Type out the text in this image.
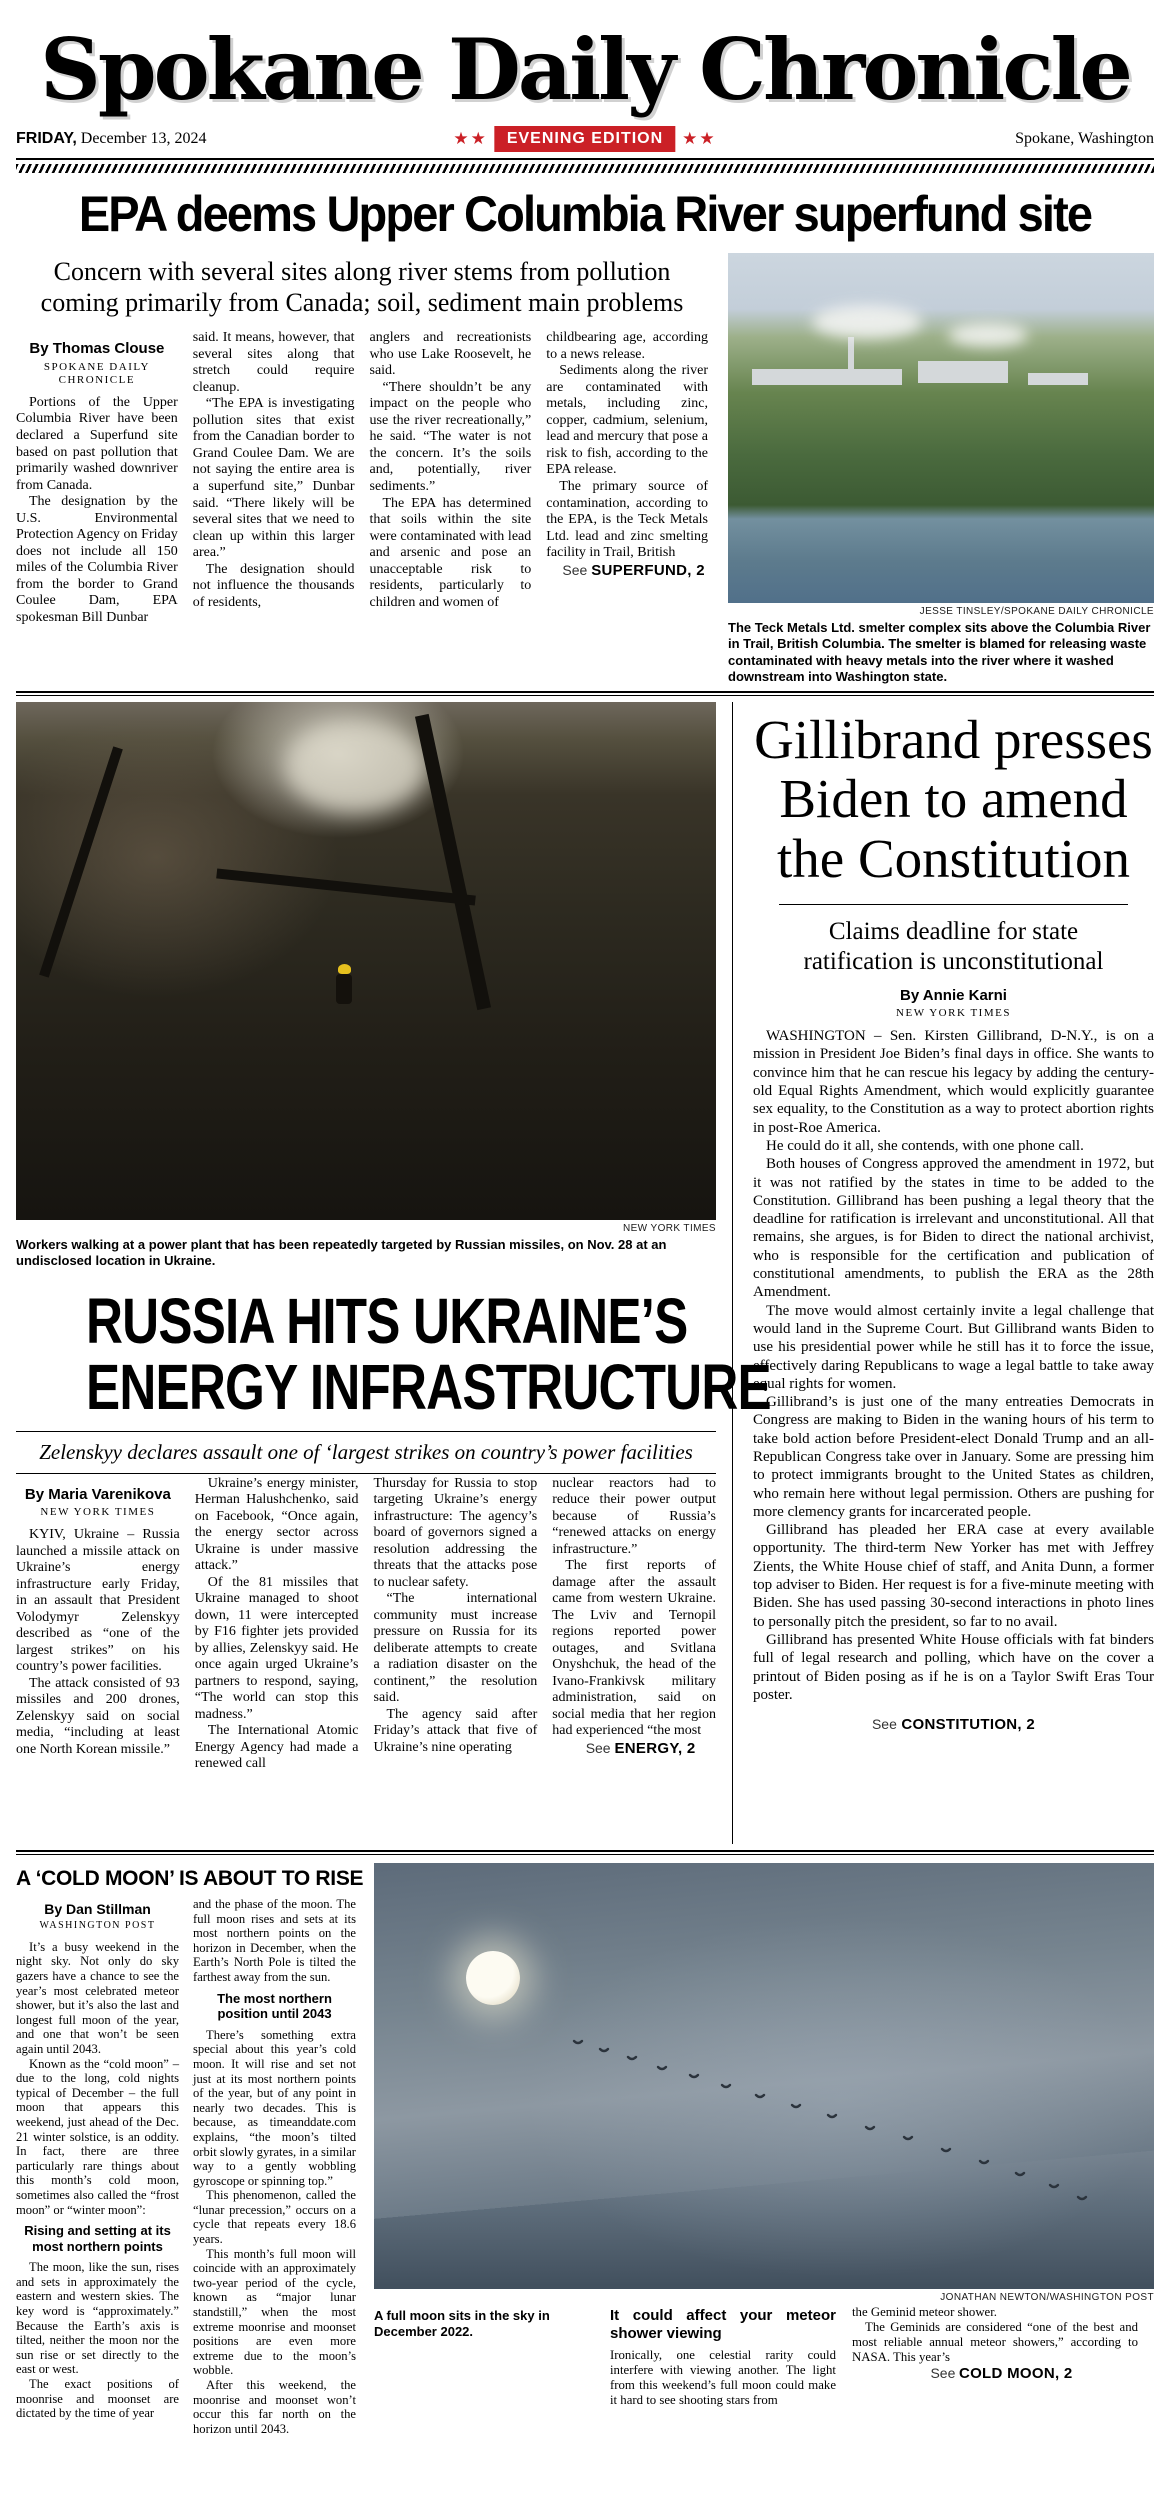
Spokane Daily Chronicle
FRIDAY, December 13, 2024	★★	EVENING EDITION	★★	Spokane, Washington
EPA deems Upper Columbia River superfund site
Concern with several sites along river stems from pollution coming primarily from Canada; soil, sediment main problems
By Thomas Clouse
SPOKANE DAILY CHRONICLE

Portions of the Upper Columbia River have been declared a Superfund site based on past pollution that primarily washed downriver from Canada.

The designation by the U.S. Environmental Protection Agency on Friday does not include all 150 miles of the Columbia River from the border to Grand Coulee Dam, EPA spokesman Bill Dunbar

said. It means, however, that several sites along that stretch could require cleanup.

“The EPA is investigating pollution sites that exist from the Canadian border to Grand Coulee Dam. We are not saying the entire area is a superfund site,” Dunbar said. “There likely will be several sites that we need to clean up within this larger area.”

The designation should not influence the thousands of residents,

anglers and recreationists who use Lake Roosevelt, he said.

“There shouldn’t be any impact on the people who use the river recreationally,” he said. “The water is not the concern. It’s the soils and, potentially, river sediments.”

The EPA has determined that soils within the site were contaminated with lead and arsenic and pose an unacceptable risk to residents, particularly to children and women of

childbearing age, according to a news release.

Sediments along the river are contaminated with metals, including zinc, copper, cadmium, selenium, lead and mercury that pose a risk to fish, according to the EPA release.

The primary source of contamination, according to the EPA, is the Teck Metals Ltd. lead and zinc smelting facility in Trail, British

See SUPERFUND, 2

JESSE TINSLEY/SPOKANE DAILY CHRONICLE
The Teck Metals Ltd. smelter complex sits above the Columbia River in Trail, British Columbia. The smelter is blamed for releasing waste contaminated with heavy metals into the river where it washed downstream into Washington state.
NEW YORK TIMES
Workers walking at a power plant that has been repeatedly targeted by Russian missiles, on Nov. 28 at an undisclosed location in Ukraine.
RUSSIA HITS UKRAINE’S
ENERGY INFRASTRUCTURE
Zelenskyy declares assault one of ‘largest strikes on country’s power facilities
By Maria Varenikova
NEW YORK TIMES

KYIV, Ukraine – Russia launched a missile attack on Ukraine’s energy infrastructure early Friday, in an assault that President Volodymyr Zelenskyy described as “one of the largest strikes” on his country’s power facilities.

The attack consisted of 93 missiles and 200 drones, Zelenskyy said on social media, “including at least one North Korean missile.”

Ukraine’s energy minister, Herman Halushchenko, said on Facebook, “Once again, the energy sector across Ukraine is under massive attack.”

Of the 81 missiles that Ukraine managed to shoot down, 11 were intercepted by F16 fighter jets provided by allies, Zelenskyy said. He once again urged Ukraine’s partners to respond, saying, “The world can stop this madness.”

The International Atomic Energy Agency had made a renewed call

Thursday for Russia to stop targeting Ukraine’s energy infrastructure: The agency’s board of governors signed a resolution addressing the threats that the attacks pose to nuclear safety.

“The international community must increase pressure on Russia for its deliberate attempts to create a radiation disaster on the continent,” the resolution said.

The agency said after Friday’s attack that five of Ukraine’s nine operating

nuclear reactors had to reduce their power output because of Russia’s “renewed attacks on energy infrastructure.”

The first reports of damage after the assault came from western Ukraine. The Lviv and Ternopil regions reported power outages, and Svitlana Onyshchuk, the head of the Ivano-Frankivsk military administration, said on social media that her region had experienced “the most

See ENERGY, 2

Gillibrand presses Biden to amend the Constitution
Claims deadline for state ratification is unconstitutional
By Annie Karni
NEW YORK TIMES

WASHINGTON – Sen. Kirsten Gillibrand, D-N.Y., is on a mission in President Joe Biden’s final days in office. She wants to convince him that he can rescue his legacy by adding the century-old Equal Rights Amendment, which would explicitly guarantee sex equality, to the Constitution as a way to protect abortion rights in post-Roe America.

He could do it all, she contends, with one phone call.

Both houses of Congress approved the amendment in 1972, but it was not ratified by the states in time to be added to the Constitution. Gillibrand has been pushing a legal theory that the deadline for ratification is irrelevant and unconstitutional. All that remains, she argues, is for Biden to direct the national archivist, who is responsible for the certification and publication of constitutional amendments, to publish the ERA as the 28th Amendment.

The move would almost certainly invite a legal challenge that would land in the Supreme Court. But Gillibrand wants Biden to use his presidential power while he still has it to force the issue, effectively daring Republicans to wage a legal battle to take away equal rights for women.

Gillibrand’s is just one of the many entreaties Democrats in Congress are making to Biden in the waning hours of his term to take bold action before President-elect Donald Trump and an all-Republican Congress take over in January. Some are pressing him to protect immigrants brought to the United States as children, who remain here without legal permission. Others are pushing for more clemency grants for incarcerated people.

Gillibrand has pleaded her ERA case at every available opportunity. The third-term New Yorker has met with Jeffrey Zients, the White House chief of staff, and Anita Dunn, a former top adviser to Biden. Her request is for a five-minute meeting with Biden. She has used passing 30-second interactions in photo lines to personally pitch the president, so far to no avail.

Gillibrand has presented White House officials with fat binders full of legal research and polling, which have on the cover a printout of Biden posing as if he is on a Taylor Swift Eras Tour poster.

See CONSTITUTION, 2

A ‘COLD MOON’ IS ABOUT TO RISE
By Dan Stillman
WASHINGTON POST

It’s a busy weekend in the night sky. Not only do sky gazers have a chance to see the year’s most celebrated meteor shower, but it’s also the last and longest full moon of the year, and one that won’t be seen again until 2043.

Known as the “cold moon” – due to the long, cold nights typical of December – the full moon that appears this weekend, just ahead of the Dec. 21 winter solstice, is an oddity. In fact, there are three particularly rare things about this month’s cold moon, sometimes also called the “frost moon” or “winter moon”:

Rising and setting at its most northern points

The moon, like the sun, rises and sets in approximately the eastern and western skies. The key word is “approximately.” Because the Earth’s axis is tilted, neither the moon nor the sun rise or set directly to the east or west.

The exact positions of moonrise and moonset are dictated by the time of year

and the phase of the moon. The full moon rises and sets at its most northern points on the horizon in December, when the Earth’s North Pole is tilted the farthest away from the sun.

The most northern position until 2043

There’s something extra special about this year’s cold moon. It will rise and set not just at its most northern points of the year, but of any point in nearly two decades. This is because, as timeanddate.com explains, “the moon’s tilted orbit slowly gyrates, in a similar way to a gently wobbling gyroscope or spinning top.”

This phenomenon, called the “lunar precession,” occurs on a cycle that repeats every 18.6 years.

This month’s full moon will coincide with an approximately two-year period of the cycle, known as “major lunar standstill,” when the most extreme moonrise and moonset positions are even more extreme due to the moon’s wobble.

After this weekend, the moonrise and moonset won’t occur this far north on the horizon until 2043.

JONATHAN NEWTON/WASHINGTON POST
A full moon sits in the sky in December 2022.
It could affect your meteor shower viewing

Ironically, one celestial rarity could interfere with viewing another. The light from this weekend’s full moon could make it hard to see shooting stars from

the Geminid meteor shower.

The Geminids are considered “one of the best and most reliable annual meteor showers,” according to NASA. This year’s

See COLD MOON, 2
